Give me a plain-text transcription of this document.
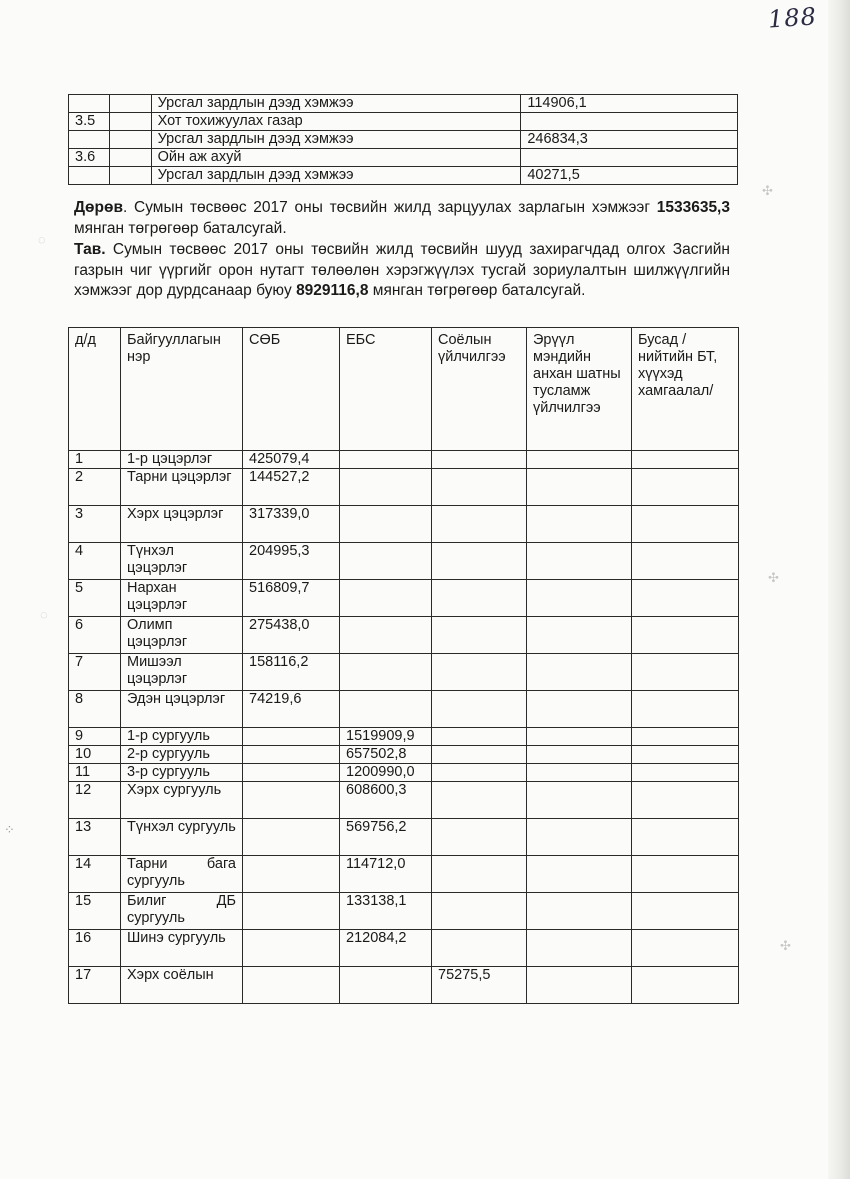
188
✣
◌
✣
◌
⁘
✣
		Урсгал зардлын дээд хэмжээ	114906,1
3.5		Хот тохижуулах газар	
		Урсгал зардлын дээд хэмжээ	246834,3
3.6		Ойн аж ахуй	
		Урсгал зардлын дээд хэмжээ	40271,5
Дөрөв. Сумын төсвөөс 2017 оны төсвийн жилд зарцуулах зарлагын хэмжээг 1533635,3 мянган төгрөгөөр баталсугай.
Тав. Сумын төсвөөс 2017 оны төсвийн жилд төсвийн шууд захирагчдад олгох Засгийн газрын чиг үүргийг орон нутагт төлөөлөн хэрэгжүүлэх тусгай зориулалтын шилжүүлгийн хэмжээг дор дурдсанаар буюу 8929116,8 мянган төгрөгөөр баталсугай.
д/д	Байгууллагын нэр	СӨБ	ЕБС	Соёлын үйлчилгээ	Эрүүл мэндийн анхан шатны тусламж үйлчилгээ	Бусад /нийтийн БТ, хүүхэд хамгаалал/
1	1-р цэцэрлэг	425079,4				
2	Тарни цэцэрлэг	144527,2				
3	Хэрх цэцэрлэг	317339,0				
4	Түнхэл цэцэрлэг	204995,3				
5	Нархан цэцэрлэг	516809,7				
6	Олимп цэцэрлэг	275438,0				
7	Мишээл цэцэрлэг	158116,2				
8	Эдэн цэцэрлэг	74219,6				
9	1-р сургууль		1519909,9			
10	2-р сургууль		657502,8			
11	3-р сургууль		1200990,0			
12	Хэрх сургууль		608600,3			
13	Түнхэл сургууль		569756,2			
14	Тарни бага сургууль		114712,0			
15	Билиг ДБ сургууль		133138,1			
16	Шинэ сургууль		212084,2			
17	Хэрх соёлын			75275,5		
